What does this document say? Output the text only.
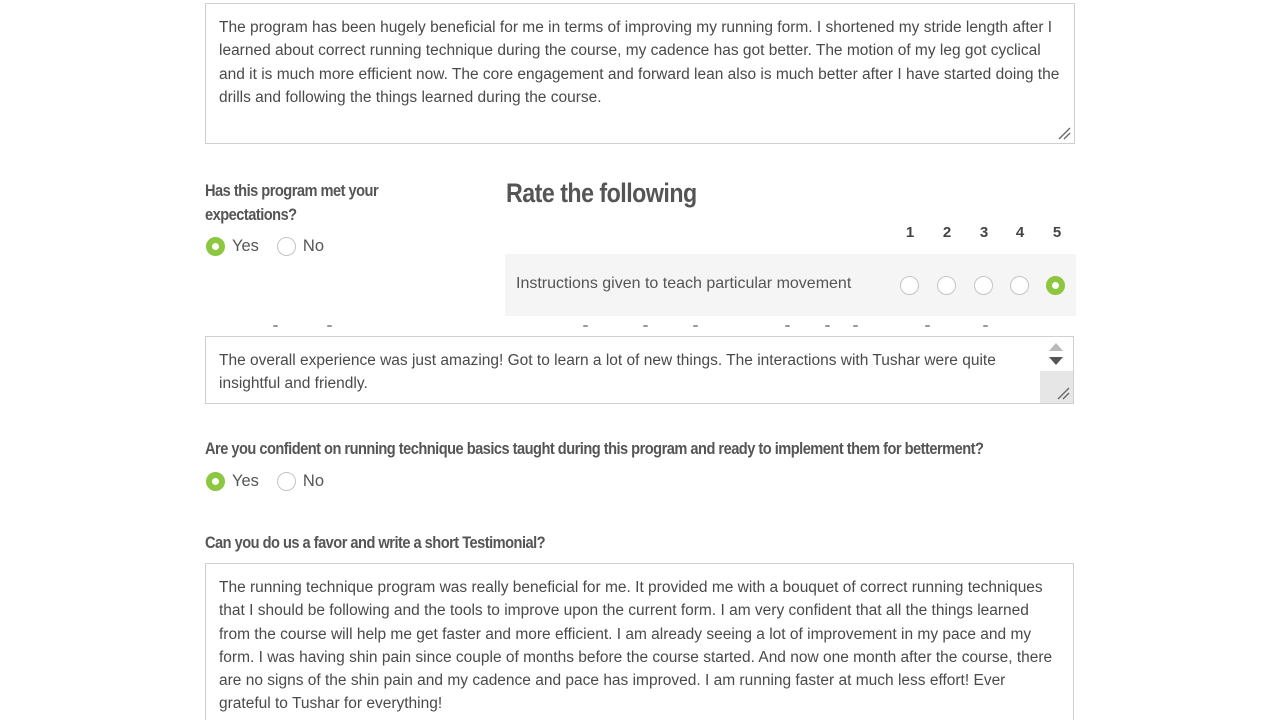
The program has been hugely beneficial for me in terms of improving my running form. I shortened my stride length after I learned about correct running technique during the course, my cadence has got better. The motion of my leg got cyclical and it is much more efficient now. The core engagement and forward lean also is much better after I have started doing the drills and following the things learned during the course.
Has this program met your expectations?
Yes	No
Rate the following
1	2	3	4	5
Instructions given to teach particular movement
The overall experience was just amazing! Got to learn a lot of new things. The interactions with Tushar were quite insightful and friendly.
Are you confident on running technique basics taught during this program and ready to implement them for betterment?
Yes	No
Can you do us a favor and write a short Testimonial?
The running technique program was really beneficial for me. It provided me with a bouquet of correct running techniques that I should be following and the tools to improve upon the current form. I am very confident that all the things learned from the course will help me get faster and more efficient. I am already seeing a lot of improvement in my pace and my form. I was having shin pain since couple of months before the course started. And now one month after the course, there are no signs of the shin pain and my cadence and pace has improved. I am running faster at much less effort! Ever grateful to Tushar for everything!
